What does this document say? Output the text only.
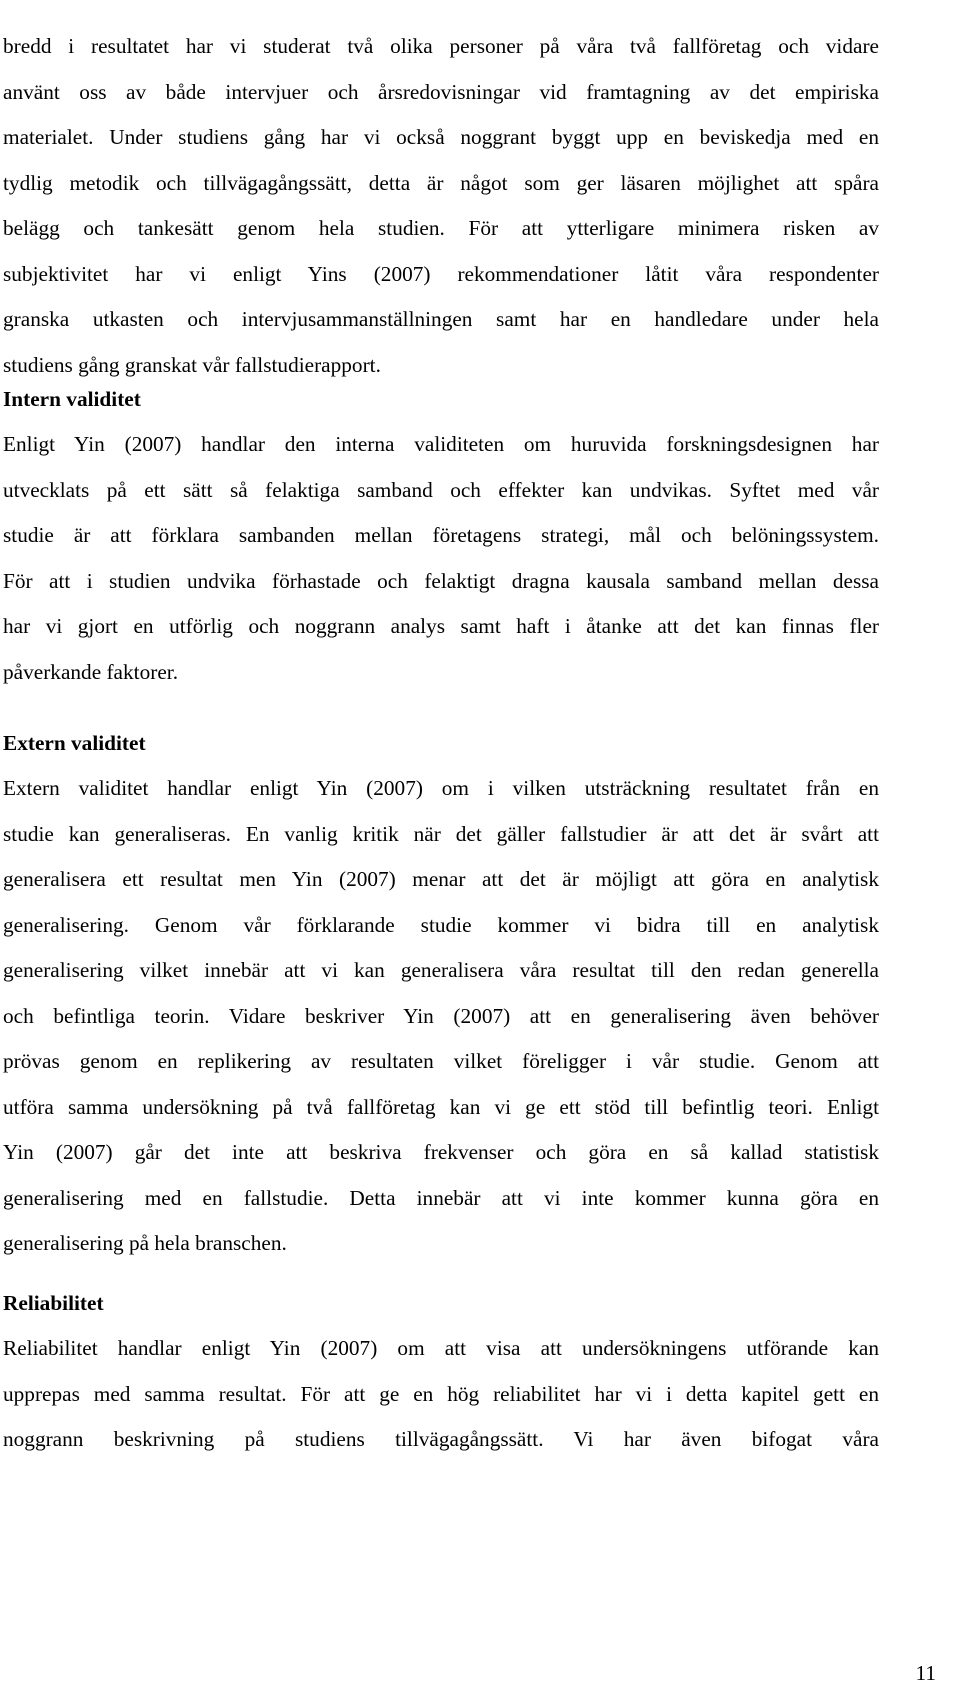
bredd i resultatet har vi studerat två olika personer på våra två fallföretag och vidare
använt oss av både intervjuer och årsredovisningar vid framtagning av det empiriska
materialet. Under studiens gång har vi också noggrant byggt upp en beviskedja med en
tydlig metodik och tillvägagångssätt, detta är något som ger läsaren möjlighet att spåra
belägg och tankesätt genom hela studien. För att ytterligare minimera risken av
subjektivitet har vi enligt Yins (2007) rekommendationer låtit våra respondenter
granska utkasten och intervjusammanställningen samt har en handledare under hela
studiens gång granskat vår fallstudierapport.
Intern validitet
Enligt Yin (2007) handlar den interna validiteten om huruvida forskningsdesignen har
utvecklats på ett sätt så felaktiga samband och effekter kan undvikas. Syftet med vår
studie är att förklara sambanden mellan företagens strategi, mål och belöningssystem.
För att i studien undvika förhastade och felaktigt dragna kausala samband mellan dessa
har vi gjort en utförlig och noggrann analys samt haft i åtanke att det kan finnas fler
påverkande faktorer.
Extern validitet
Extern validitet handlar enligt Yin (2007) om i vilken utsträckning resultatet från en
studie kan generaliseras. En vanlig kritik när det gäller fallstudier är att det är svårt att
generalisera ett resultat men Yin (2007) menar att det är möjligt att göra en analytisk
generalisering. Genom vår förklarande studie kommer vi bidra till en analytisk
generalisering vilket innebär att vi kan generalisera våra resultat till den redan generella
och befintliga teorin. Vidare beskriver Yin (2007) att en generalisering även behöver
prövas genom en replikering av resultaten vilket föreligger i vår studie. Genom att
utföra samma undersökning på två fallföretag kan vi ge ett stöd till befintlig teori. Enligt
Yin (2007) går det inte att beskriva frekvenser och göra en så kallad statistisk
generalisering med en fallstudie. Detta innebär att vi inte kommer kunna göra en
generalisering på hela branschen.
Reliabilitet
Reliabilitet handlar enligt Yin (2007) om att visa att undersökningens utförande kan
upprepas med samma resultat. För att ge en hög reliabilitet har vi i detta kapitel gett en
noggrann beskrivning på studiens tillvägagångssätt. Vi har även bifogat våra
11
